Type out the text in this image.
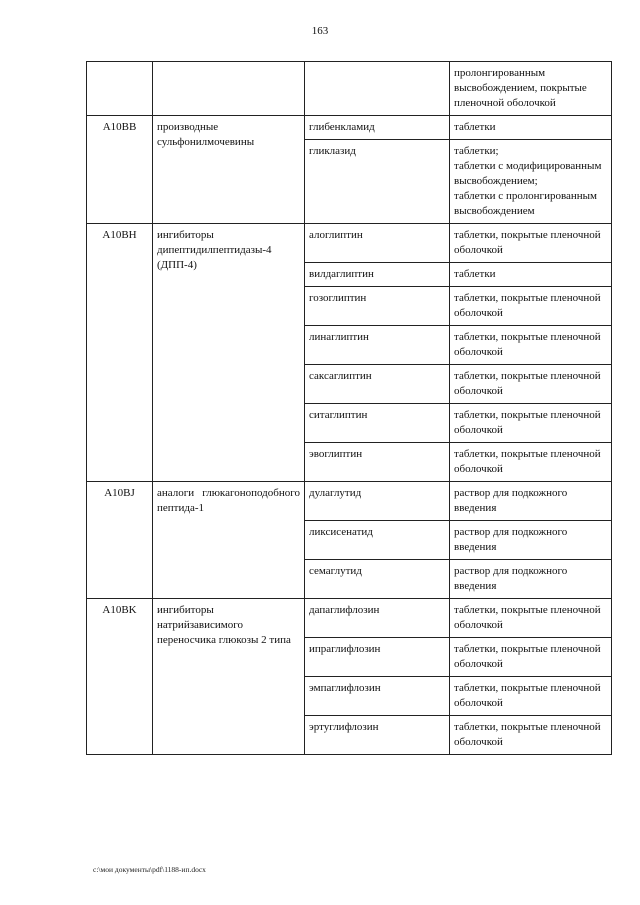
163
			пролонгированным высвобождением, покрытые пленочной оболочкой
A10BB	производные сульфонилмочевины	глибенкламид	таблетки
		гликлазид	таблетки;
таблетки с модифицированным высвобождением;
таблетки с пролонгированным высвобождением
A10BH	ингибиторы дипептидилпептидазы-4 (ДПП-4)	алоглиптин	таблетки, покрытые пленочной оболочкой
		вилдаглиптин	таблетки
		гозоглиптин	таблетки, покрытые пленочной оболочкой
		линаглиптин	таблетки, покрытые пленочной оболочкой
		саксаглиптин	таблетки, покрытые пленочной оболочкой
		ситаглиптин	таблетки, покрытые пленочной оболочкой
		эвоглиптин	таблетки, покрытые пленочной оболочкой
A10BJ	аналоги глюкагоноподобного пептида-1	дулаглутид	раствор для подкожного введения
		ликсисенатид	раствор для подкожного введения
		семаглутид	раствор для подкожного введения
A10BK	ингибиторы натрийзависимого переносчика глюкозы 2 типа	дапаглифлозин	таблетки, покрытые пленочной оболочкой
		ипраглифлозин	таблетки, покрытые пленочной оболочкой
		эмпаглифлозин	таблетки, покрытые пленочной оболочкой
		эртуглифлозин	таблетки, покрытые пленочной оболочкой
c:\мои документы\pdf\1188-ип.docx
